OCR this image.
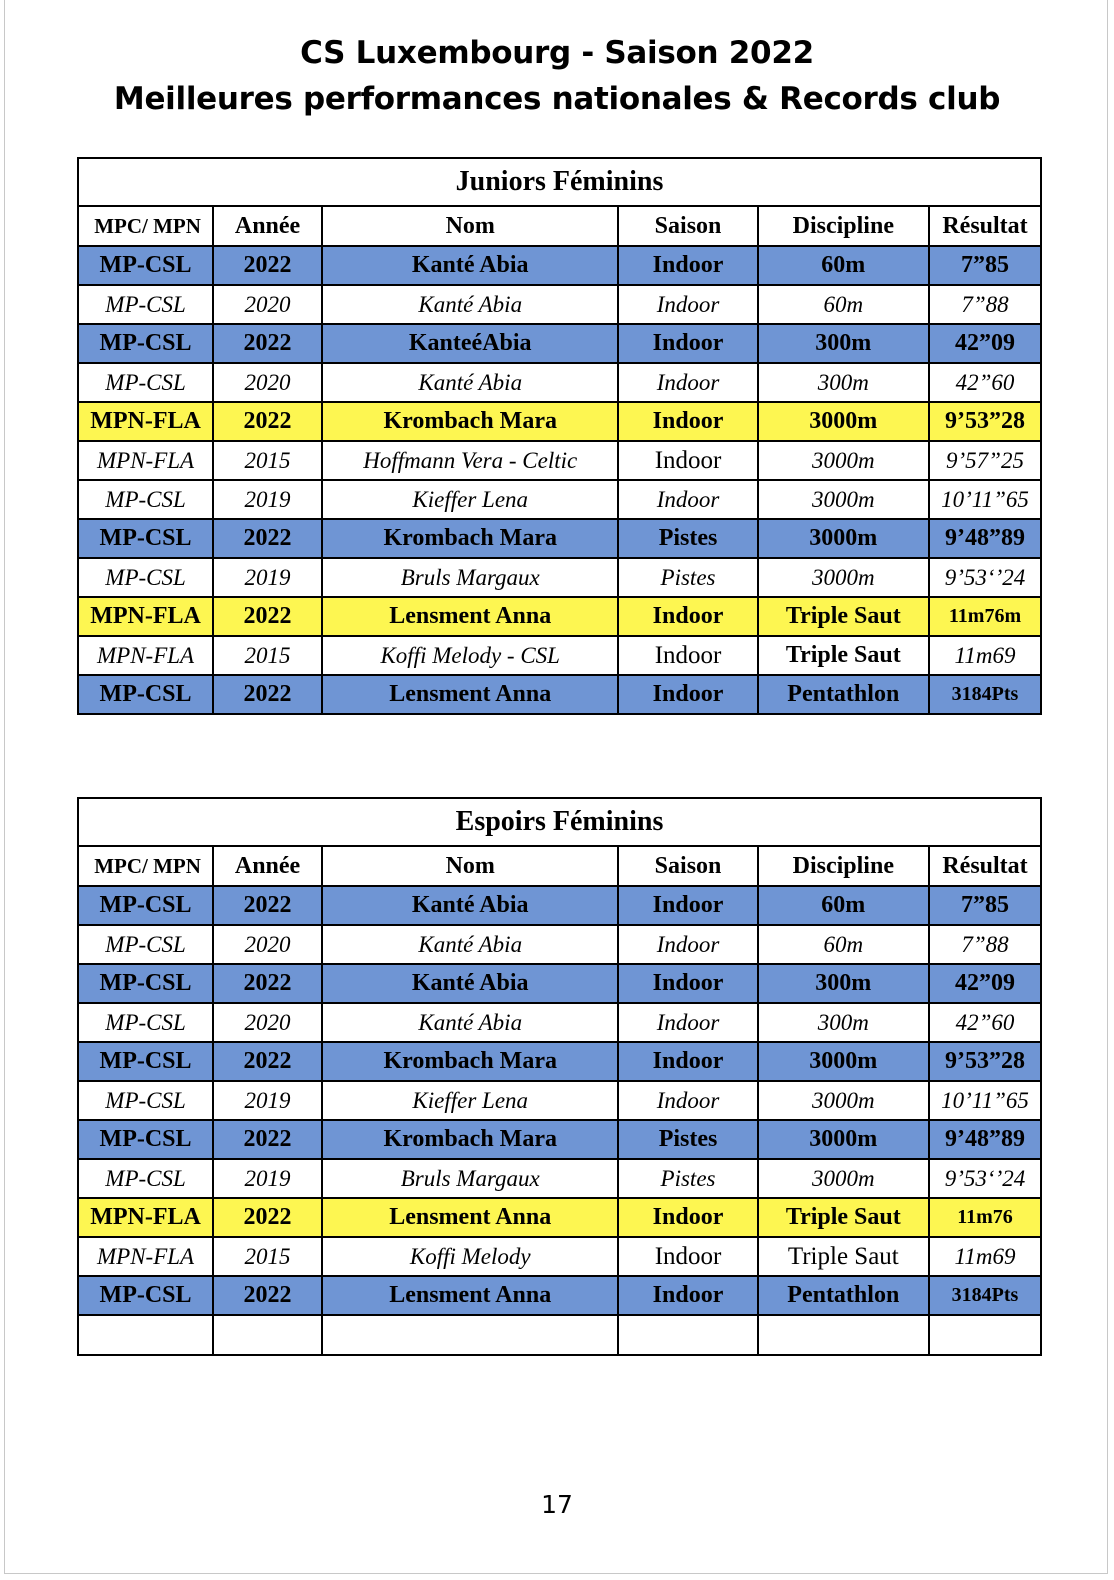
CS Luxembourg - Saison 2022
Meilleures performances nationales & Records club
Juniors Féminins					
MPC/ MPN	Année	Nom	Saison	Discipline	Résultat
MP-CSL	2022	Kanté Abia	Indoor	60m	7”85
MP-CSL	2020	Kanté Abia	Indoor	60m	7”88
MP-CSL	2022	KanteéAbia	Indoor	300m	42”09
MP-CSL	2020	Kanté Abia	Indoor	300m	42”60
MPN-FLA	2022	Krombach Mara	Indoor	3000m	9’53”28
MPN-FLA	2015	Hoffmann Vera - Celtic	Indoor	3000m	9’57”25
MP-CSL	2019	Kieffer Lena	Indoor	3000m	10’11”65
MP-CSL	2022	Krombach Mara	Pistes	3000m	9’48”89
MP-CSL	2019	Bruls Margaux	Pistes	3000m	9’53‘’24
MPN-FLA	2022	Lensment Anna	Indoor	Triple Saut	11m76m
MPN-FLA	2015	Koffi Melody - CSL	Indoor	Triple Saut	11m69
MP-CSL	2022	Lensment Anna	Indoor	Pentathlon	3184Pts
Espoirs Féminins					
MPC/ MPN	Année	Nom	Saison	Discipline	Résultat
MP-CSL	2022	Kanté Abia	Indoor	60m	7”85
MP-CSL	2020	Kanté Abia	Indoor	60m	7”88
MP-CSL	2022	Kanté Abia	Indoor	300m	42”09
MP-CSL	2020	Kanté Abia	Indoor	300m	42”60
MP-CSL	2022	Krombach Mara	Indoor	3000m	9’53”28
MP-CSL	2019	Kieffer Lena	Indoor	3000m	10’11”65
MP-CSL	2022	Krombach Mara	Pistes	3000m	9’48”89
MP-CSL	2019	Bruls Margaux	Pistes	3000m	9’53‘’24
MPN-FLA	2022	Lensment Anna	Indoor	Triple Saut	11m76
MPN-FLA	2015	Koffi Melody	Indoor	Triple Saut	11m69
MP-CSL	2022	Lensment Anna	Indoor	Pentathlon	3184Pts

17
